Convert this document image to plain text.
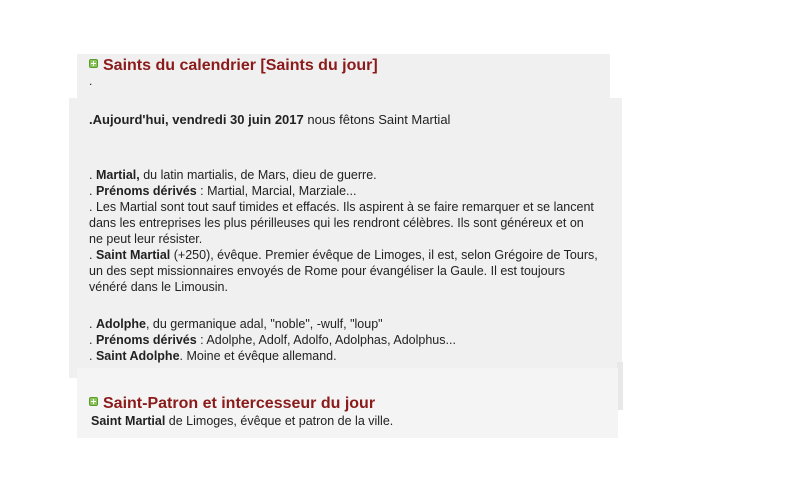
Saints du calendrier [Saints du jour]
.
.Aujourd'hui, vendredi 30 juin 2017 nous fêtons Saint Martial

. Martial, du latin martialis, de Mars, dieu de guerre.

. Prénoms dérivés : Martial, Marcial, Marziale...

. Les Martial sont tout sauf timides et effacés. Ils aspirent à se faire remarquer et se lancent dans les entreprises les plus périlleuses qui les rendront célèbres. Ils sont généreux et on ne peut leur résister.

. Saint Martial (+250), évêque. Premier évêque de Limoges, il est, selon Grégoire de Tours, un des sept missionnaires envoyés de Rome pour évangéliser la Gaule. Il est toujours vénéré dans le Limousin.

. Adolphe, du germanique adal, "noble", -wulf, "loup"

. Prénoms dérivés : Adolphe, Adolf, Adolfo, Adolphas, Adolphus...

. Saint Adolphe. Moine et évêque allemand.

Saint-Patron et intercesseur du jour
Saint Martial de Limoges, évêque et patron de la ville.
